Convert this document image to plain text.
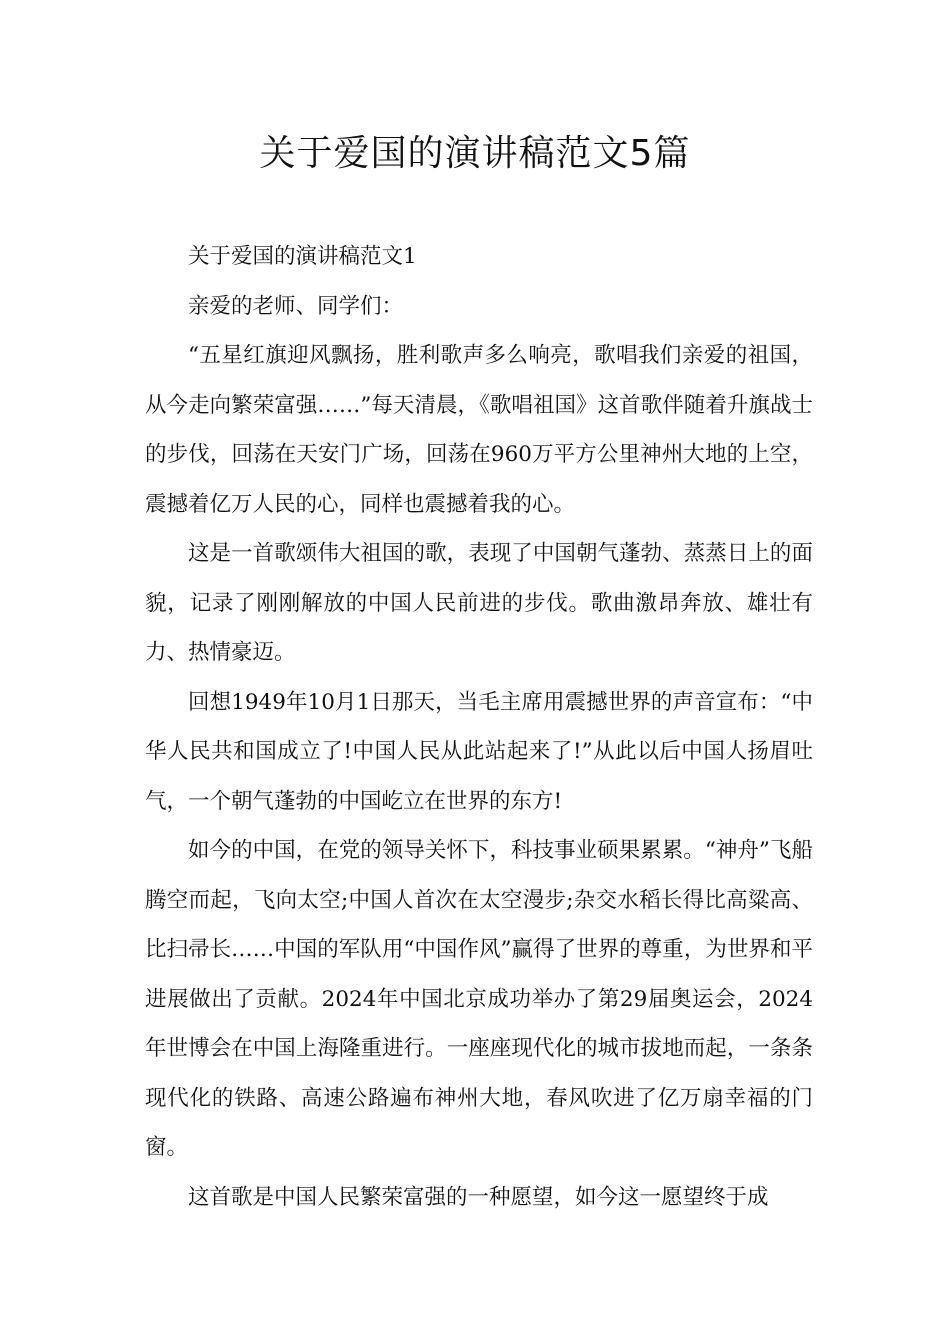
关于爱国的演讲稿范文5篇

关于爱国的演讲稿范文1

亲爱的老师、同学们：

“五星红旗迎风飘扬，胜利歌声多么响亮，歌唱我们亲爱的祖国，从今走向繁荣富强……”每天清晨，《歌唱祖国》这首歌伴随着升旗战士的步伐，回荡在天安门广场，回荡在960万平方公里神州大地的上空，震撼着亿万人民的心，同样也震撼着我的心。

这是一首歌颂伟大祖国的歌，表现了中国朝气蓬勃、蒸蒸日上的面貌，记录了刚刚解放的中国人民前进的步伐。歌曲激昂奔放、雄壮有力、热情豪迈。

回想1949年10月1日那天，当毛主席用震撼世界的声音宣布：“中华人民共和国成立了!中国人民从此站起来了!”从此以后中国人扬眉吐气，一个朝气蓬勃的中国屹立在世界的东方!

如今的中国，在党的领导关怀下，科技事业硕果累累。“神舟”飞船腾空而起，飞向太空;中国人首次在太空漫步;杂交水稻长得比高粱高、比扫帚长……中国的军队用“中国作风”赢得了世界的尊重，为世界和平进展做出了贡献。2024年中国北京成功举办了第29届奥运会，2024年世博会在中国上海隆重进行。一座座现代化的城市拔地而起，一条条现代化的铁路、高速公路遍布神州大地，春风吹进了亿万扇幸福的门窗。

这首歌是中国人民繁荣富强的一种愿望，如今这一愿望终于成
